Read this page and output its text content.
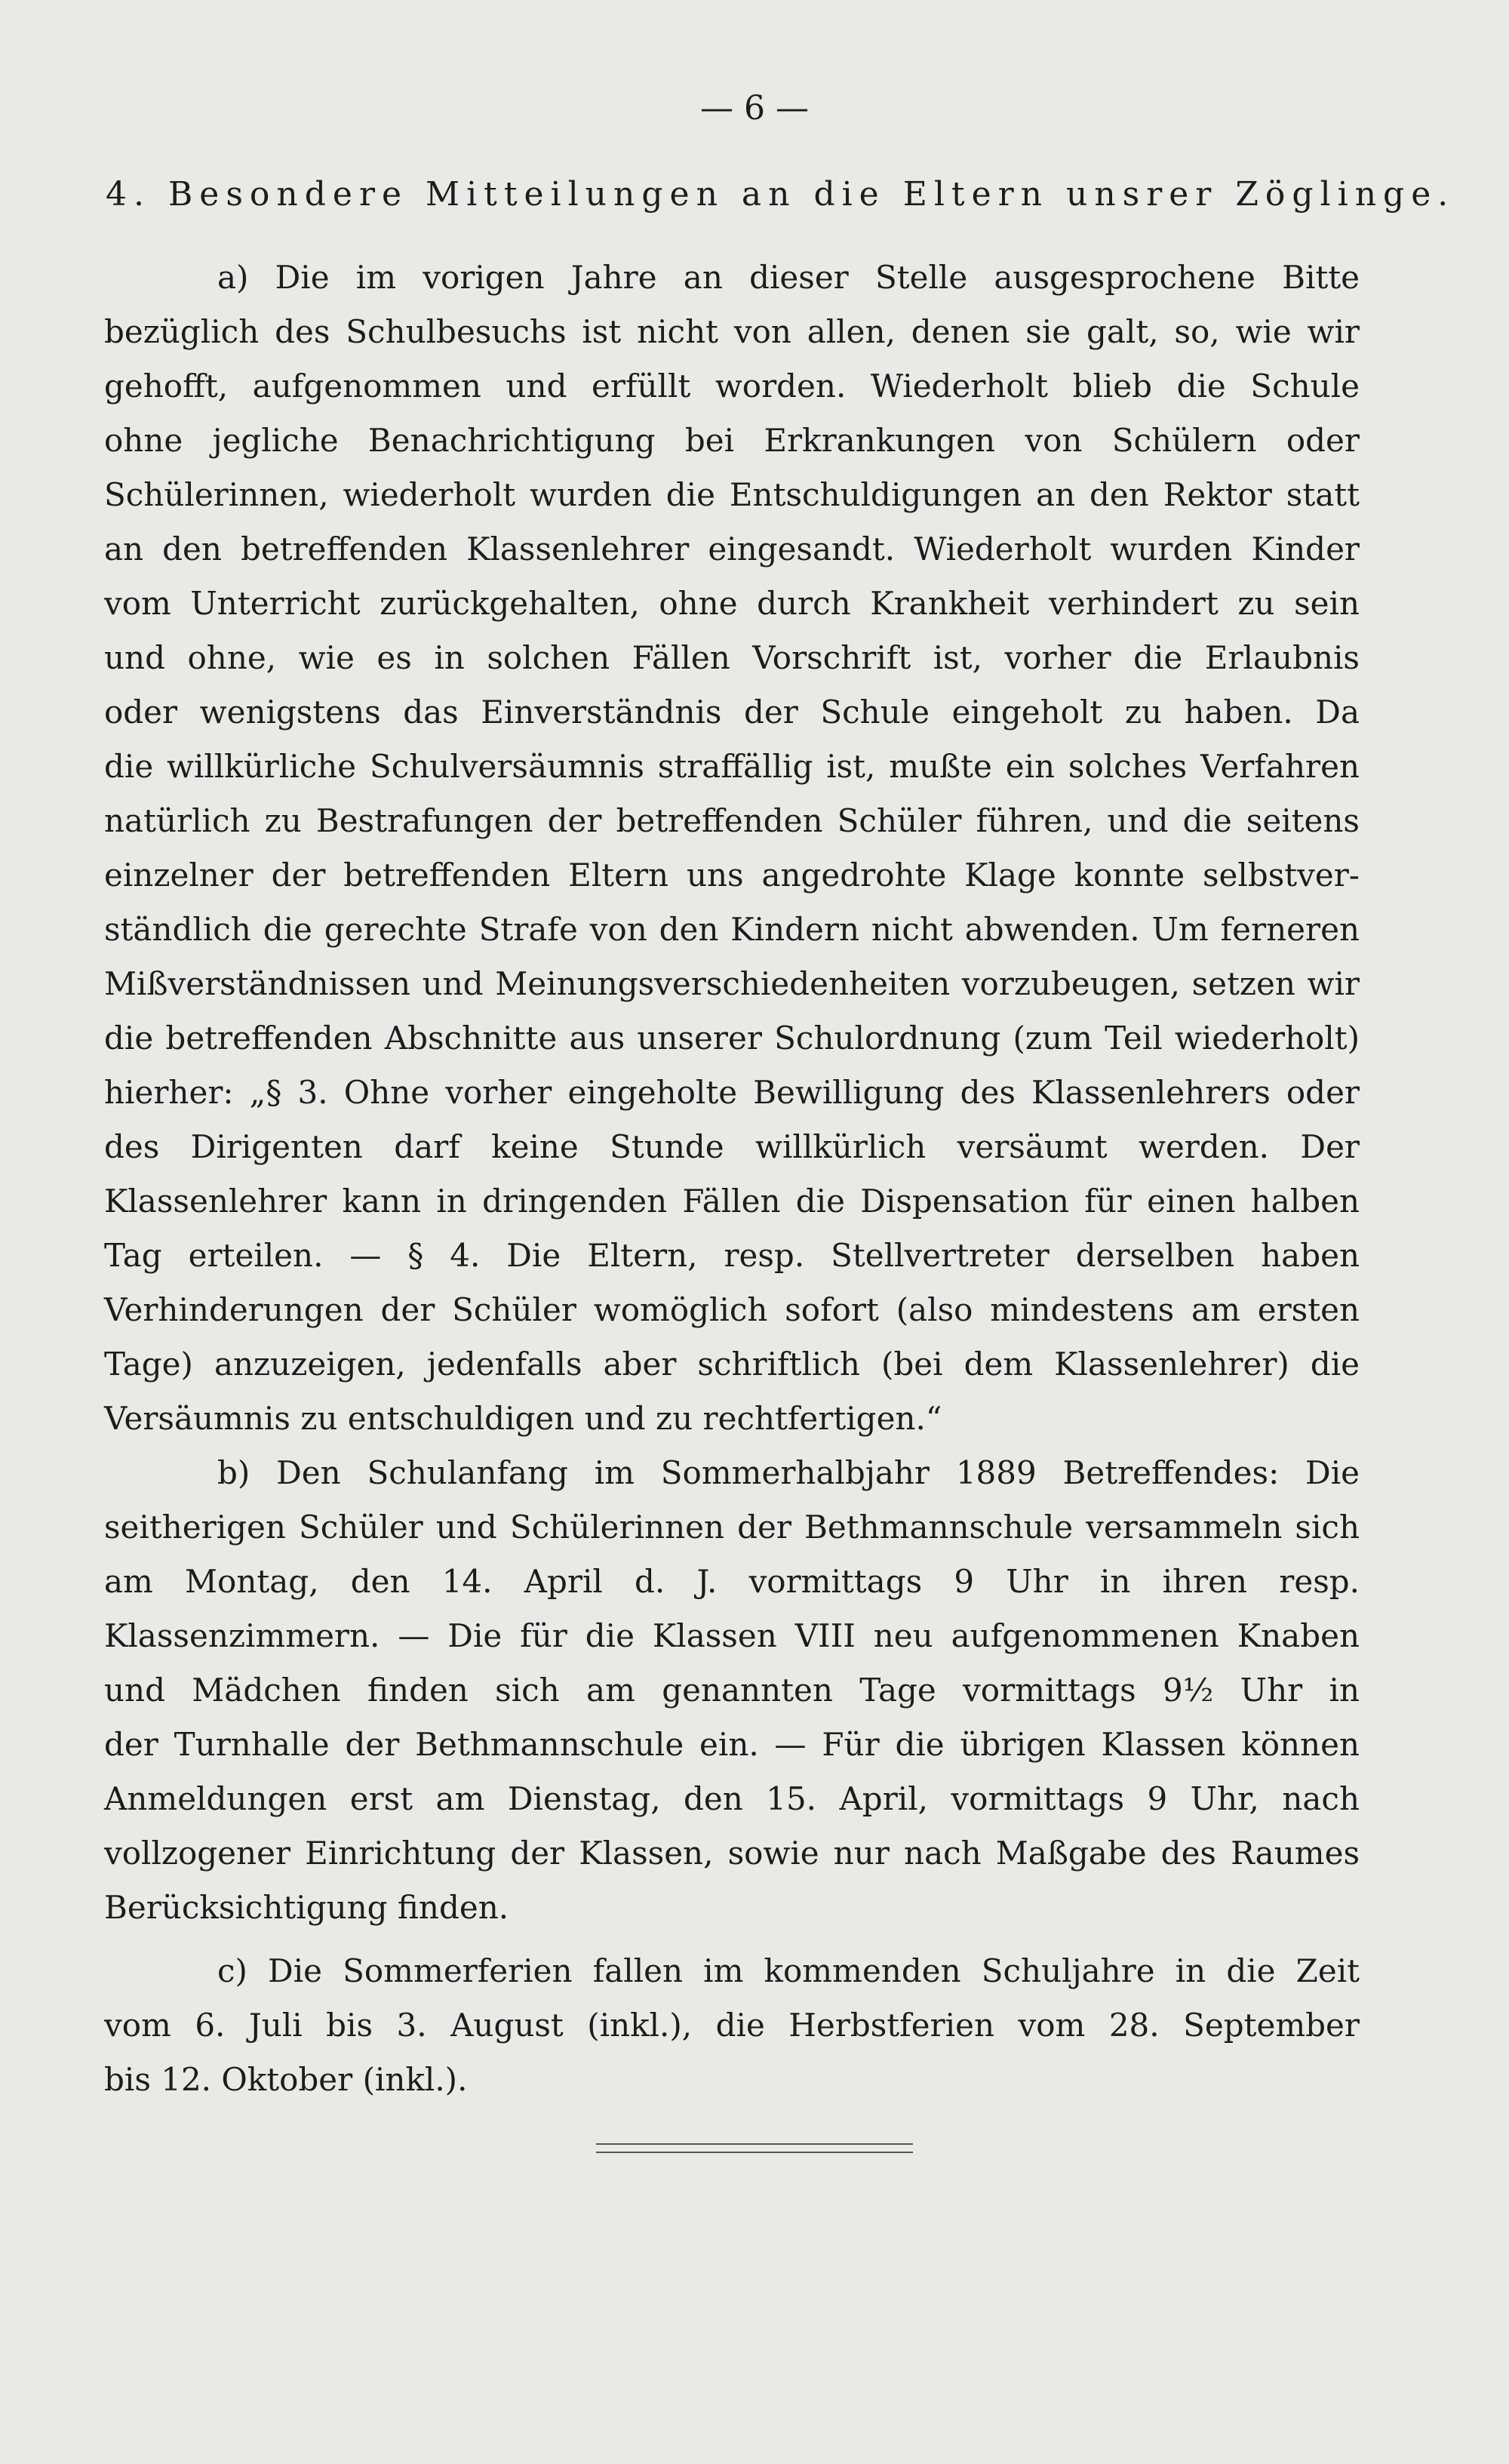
— 6 —
4. Besondere Mitteilungen an die Eltern unsrer Zöglinge.
a) Die im vorigen Jahre an dieser Stelle ausgesprochene Bitte
bezüglich des Schulbesuchs ist nicht von allen, denen sie galt, so, wie wir
gehofft, aufgenommen und erfüllt worden. Wiederholt blieb die Schule
ohne jegliche Benachrichtigung bei Erkrankungen von Schülern oder
Schülerinnen, wiederholt wurden die Entschuldigungen an den Rektor statt
an den betreffenden Klassenlehrer eingesandt. Wiederholt wurden Kinder
vom Unterricht zurückgehalten, ohne durch Krankheit verhindert zu sein
und ohne, wie es in solchen Fällen Vorschrift ist, vorher die Erlaubnis
oder wenigstens das Einverständnis der Schule eingeholt zu haben. Da
die willkürliche Schulversäumnis straffällig ist, mußte ein solches Verfahren
natürlich zu Bestrafungen der betreffenden Schüler führen, und die seitens
einzelner der betreffenden Eltern uns angedrohte Klage konnte selbstver-
ständlich die gerechte Strafe von den Kindern nicht abwenden. Um ferneren
Mißverständnissen und Meinungsverschiedenheiten vorzubeugen, setzen wir
die betreffenden Abschnitte aus unserer Schulordnung (zum Teil wiederholt)
hierher: „§ 3. Ohne vorher eingeholte Bewilligung des Klassenlehrers oder
des Dirigenten darf keine Stunde willkürlich versäumt werden. Der
Klassenlehrer kann in dringenden Fällen die Dispensation für einen halben
Tag erteilen. — § 4. Die Eltern, resp. Stellvertreter derselben haben
Verhinderungen der Schüler womöglich sofort (also mindestens am ersten
Tage) anzuzeigen, jedenfalls aber schriftlich (bei dem Klassenlehrer) die
Versäumnis zu entschuldigen und zu rechtfertigen.“
b) Den Schulanfang im Sommerhalbjahr 1889 Betreffendes: Die
seitherigen Schüler und Schülerinnen der Bethmannschule versammeln sich
am Montag, den 14. April d. J. vormittags 9 Uhr in ihren resp.
Klassenzimmern. — Die für die Klassen VIII neu aufgenommenen Knaben
und Mädchen finden sich am genannten Tage vormittags 9½ Uhr in
der Turnhalle der Bethmannschule ein. — Für die übrigen Klassen können
Anmeldungen erst am Dienstag, den 15. April, vormittags 9 Uhr, nach
vollzogener Einrichtung der Klassen, sowie nur nach Maßgabe des Raumes
Berücksichtigung finden.
c) Die Sommerferien fallen im kommenden Schuljahre in die Zeit
vom 6. Juli bis 3. August (inkl.), die Herbstferien vom 28. September
bis 12. Oktober (inkl.).
